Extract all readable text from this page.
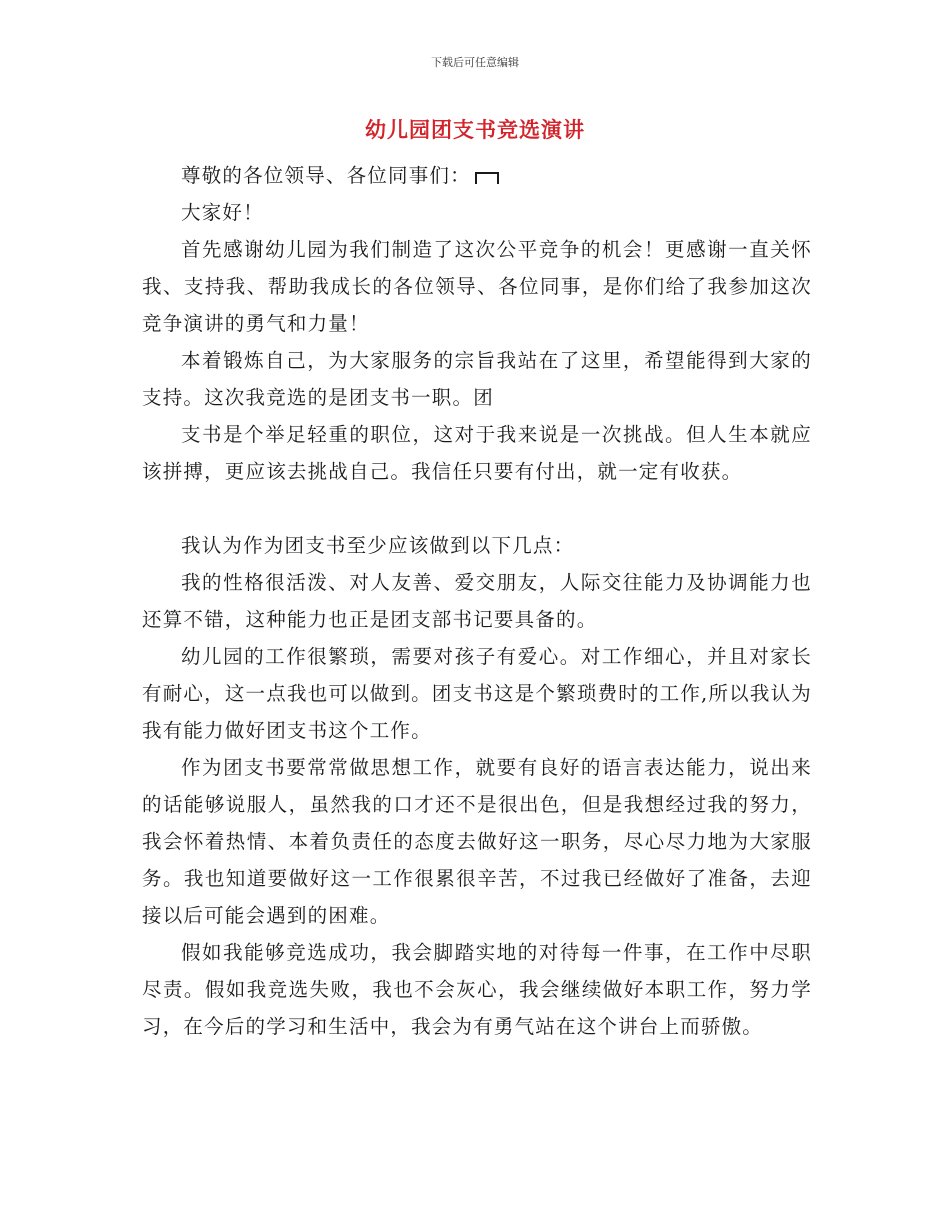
下载后可任意编辑
幼儿园团支书竞选演讲

尊敬的各位领导、各位同事们：

大家好！

首先感谢幼儿园为我们制造了这次公平竞争的机会！更感谢一直关怀我、支持我、帮助我成长的各位领导、各位同事，是你们给了我参加这次竞争演讲的勇气和力量！

本着锻炼自己，为大家服务的宗旨我站在了这里，希望能得到大家的支持。这次我竞选的是团支书一职。团

支书是个举足轻重的职位，这对于我来说是一次挑战。但人生本就应该拼搏，更应该去挑战自己。我信任只要有付出，就一定有收获。

我认为作为团支书至少应该做到以下几点：

我的性格很活泼、对人友善、爱交朋友，人际交往能力及协调能力也还算不错，这种能力也正是团支部书记要具备的。

幼儿园的工作很繁琐，需要对孩子有爱心。对工作细心，并且对家长有耐心，这一点我也可以做到。团支书这是个繁琐费时的工作,所以我认为我有能力做好团支书这个工作。

作为团支书要常常做思想工作，就要有良好的语言表达能力，说出来的话能够说服人，虽然我的口才还不是很出色，但是我想经过我的努力，我会怀着热情、本着负责任的态度去做好这一职务，尽心尽力地为大家服务。我也知道要做好这一工作很累很辛苦，不过我已经做好了准备，去迎接以后可能会遇到的困难。

假如我能够竞选成功，我会脚踏实地的对待每一件事，在工作中尽职尽责。假如我竞选失败，我也不会灰心，我会继续做好本职工作，努力学习，在今后的学习和生活中，我会为有勇气站在这个讲台上而骄傲。
